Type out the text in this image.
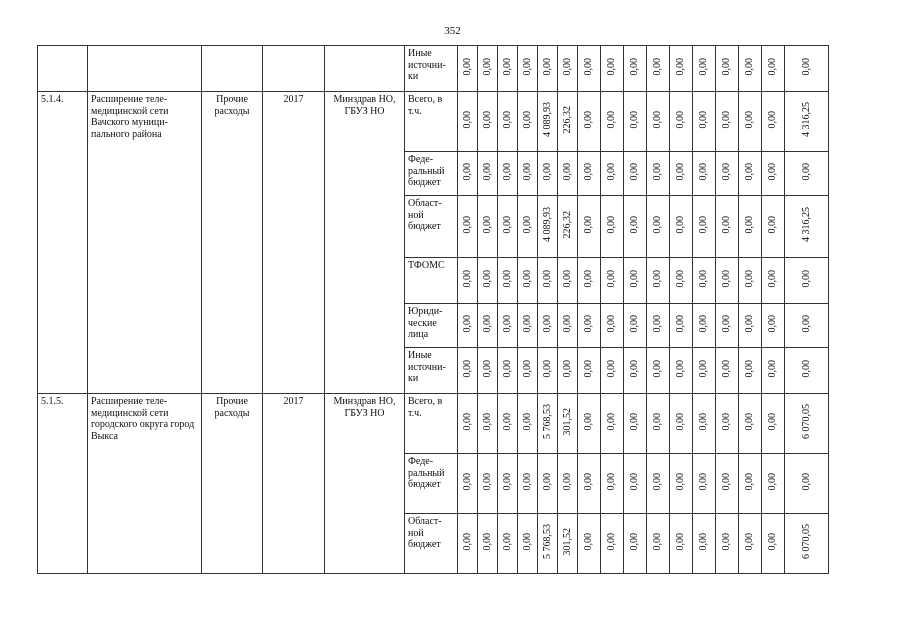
352
					Иные источни-ки	0,00	0,00	0,00	0,00	0,00	0,00	0,00	0,00	0,00	0,00	0,00	0,00	0,00	0,00	0,00	0,00
5.1.4.	Расширение теле-медицинской сети Вачского муници-пального района	Прочие расходы	2017	Минздрав НО, ГБУЗ НО	Всего, в т.ч.	0,00	0,00	0,00	0,00	4 089,93	226,32	0,00	0,00	0,00	0,00	0,00	0,00	0,00	0,00	0,00	4 316,25
					Феде-ральный бюджет	0,00	0,00	0,00	0,00	0,00	0,00	0,00	0,00	0,00	0,00	0,00	0,00	0,00	0,00	0,00	0,00
					Област-ной бюджет	0,00	0,00	0,00	0,00	4 089,93	226,32	0,00	0,00	0,00	0,00	0,00	0,00	0,00	0,00	0,00	4 316,25
					ТФОМС	0,00	0,00	0,00	0,00	0,00	0,00	0,00	0,00	0,00	0,00	0,00	0,00	0,00	0,00	0,00	0,00
					Юриди-ческие лица	0,00	0,00	0,00	0,00	0,00	0,00	0,00	0,00	0,00	0,00	0,00	0,00	0,00	0,00	0,00	0,00
					Иные источни-ки	0,00	0,00	0,00	0,00	0,00	0,00	0,00	0,00	0,00	0,00	0,00	0,00	0,00	0,00	0,00	0,00
5.1.5.	Расширение теле-медицинской сети городского округа город Выкса	Прочие расходы	2017	Минздрав НО, ГБУЗ НО	Всего, в т.ч.	0,00	0,00	0,00	0,00	5 768,53	301,52	0,00	0,00	0,00	0,00	0,00	0,00	0,00	0,00	0,00	6 070,05
					Феде-ральный бюджет	0,00	0,00	0,00	0,00	0,00	0,00	0,00	0,00	0,00	0,00	0,00	0,00	0,00	0,00	0,00	0,00
					Област-ной бюджет	0,00	0,00	0,00	0,00	5 768,53	301,52	0,00	0,00	0,00	0,00	0,00	0,00	0,00	0,00	0,00	6 070,05
